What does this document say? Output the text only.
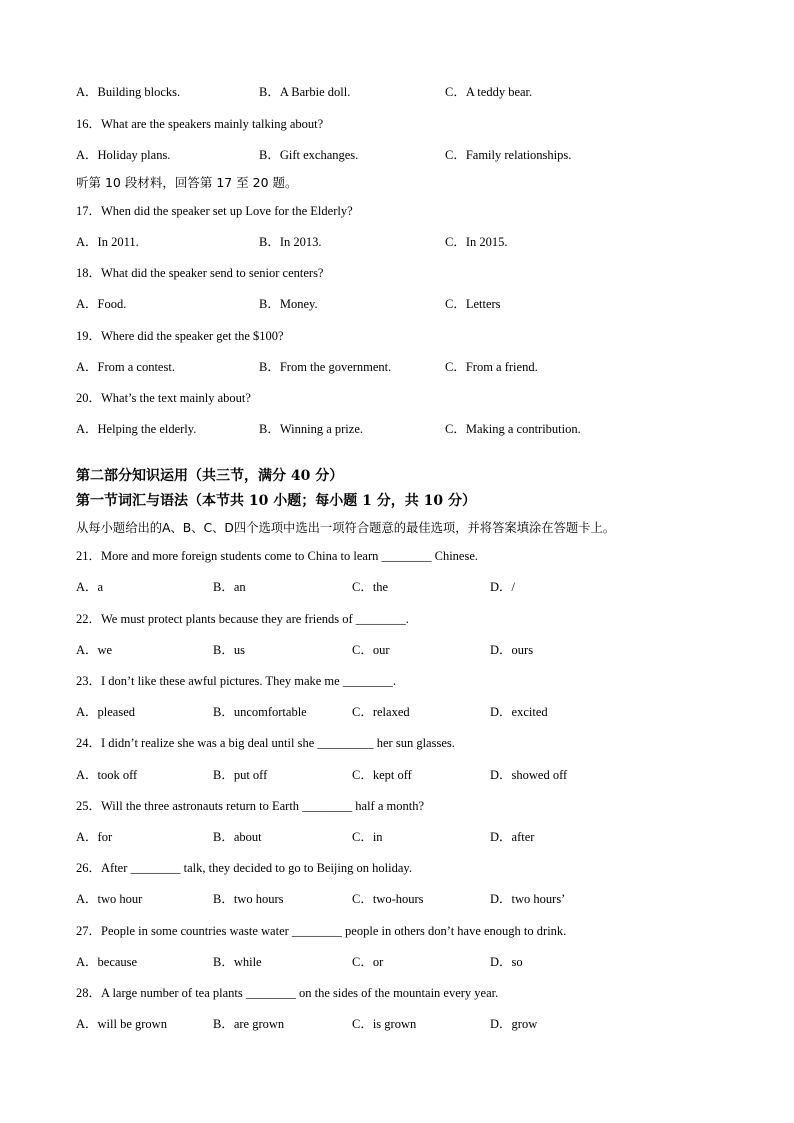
A．Building blocks.	B．A Barbie doll.	C．A teddy bear.
16．What are the speakers mainly talking about?
A．Holiday plans.	B．Gift exchanges.	C．Family relationships.
听第 10 段材料，回答第 17 至 20 题。
17．When did the speaker set up Love for the Elderly?
A．In 2011.	B．In 2013.	C．In 2015.
18．What did the speaker send to senior centers?
A．Food.	B．Money.	C．Letters
19．Where did the speaker get the $100?
A．From a contest.	B．From the government.	C．From a friend.
20．What’s the text mainly about?
A．Helping the elderly.	B．Winning a prize.	C．Making a contribution.
第二部分知识运用（共三节，满分 40 分）
第一节词汇与语法（本节共 10 小题；每小题 1 分，共 10 分）
从每小题给出的A、B、C、D四个选项中选出一项符合题意的最佳选项，并将答案填涂在答题卡上。
21．More and more foreign students come to China to learn ________ Chinese.
A．a	B．an	C．the	D．/
22．We must protect plants because they are friends of ________.
A．we	B．us	C．our	D．ours
23．I don’t like these awful pictures. They make me ________.
A．pleased	B．uncomfortable	C．relaxed	D．excited
24．I didn’t realize she was a big deal until she _________ her sun glasses.
A．took off	B．put off	C．kept off	D．showed off
25．Will the three astronauts return to Earth ________ half a month?
A．for	B．about	C．in	D．after
26．After ________ talk, they decided to go to Beijing on holiday.
A．two hour	B．two hours	C．two-hours	D．two hours’
27．People in some countries waste water ________ people in others don’t have enough to drink.
A．because	B．while	C．or	D．so
28．A large number of tea plants ________ on the sides of the mountain every year.
A．will be grown	B．are grown	C．is grown	D．grow
